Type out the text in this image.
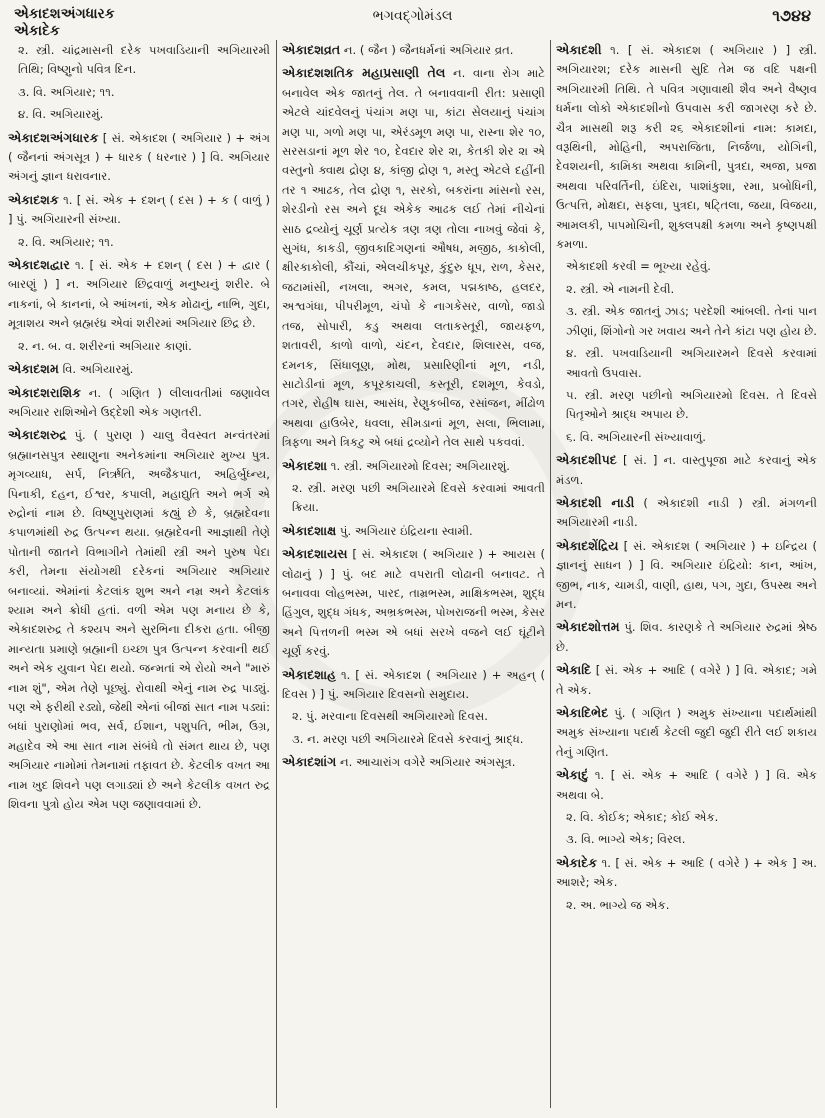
એકાદશઅંગધારક
એકાદેક
ભગવદ્ગોમંડલ	૧૭૪૪
૨. સ્ત્રી. ચાંદ્રમાસની દરેક પખવાડિયાની અગિયારમી તિથિ; વિષ્ણુનો પવિત્ર દિન.
૩. વિ. અગિયાર; ૧૧.
૪. વિ. અગિયારમું.
એકાદશઅંગધારક [ સં. એકાદશ ( અગિયાર ) + અંગ ( જૈનનાં અંગસૂત્ર ) + ધારક ( ધરનાર ) ] વિ. અગિયાર અંગનું જ્ઞાન ધરાવનાર.
એકાદશક ૧. [ સં. એક + દશન્ ( દસ ) + ક ( વાળું ) ] પું. અગિયારની સંખ્યા.
૨. વિ. અગિયાર; ૧૧.
એકાદશદ્વાર ૧. [ સં. એક + દશન્ ( દસ ) + દ્વાર ( બારણું ) ] ન. અગિયાર છિદ્રવાળું મનુષ્યનું શરીર. બે નાકનાં, બે કાનનાં, બે આંખનાં, એક મોઢાનું, નાભિ, ગુદા, મૂત્રાશય અને બ્રહ્મરંધ્ર એવાં શરીરમાં અગિયાર છિદ્ર છે.
૨. ન. બ. વ. શરીરનાં અગિયાર કાણાં.
એકાદશમ વિ. અગિયારમું.
એકાદશરાશિક ન. ( ગણિત ) લીલાવતીમાં જણાવેલ અગિયાર રાશિઓને ઉદ્દેશી એક ગણતરી.
એકાદશરુદ્ર પું. ( પુરાણ ) ચાલુ વૈવસ્વત મન્વંતરમાં બ્રહ્માનસપુત્ર સ્થાણુના અનેકમાંના અગિયાર મુખ્ય પુત્ર. મૃગવ્યાધ, સર્પ, નિર્ઋતિ, અજૈકપાત, અહિર્બુધ્ન્ય, પિનાકી, દહન, ઈશ્વર, કપાલી, મહાદ્યુતિ અને ભર્ગ એ રુદ્રોનાં નામ છે. વિષ્ણુપુરાણમાં કહ્યું છે કે, બ્રહ્મદેવના કપાળમાંથી રુદ્ર ઉત્પન્ન થયા. બ્રહ્મદેવની આજ્ઞાથી તેણે પોતાની જાતને વિભાગીને તેમાંથી સ્ત્રી અને પુરુષ પેદા કરી, તેમના સંયોગથી દરેકનાં અગિયાર અગિયાર બનાવ્યાં. એમાંનાં કેટલાંક શુભ અને નમ્ર અને કેટલાંક શ્યામ અને ક્રોધી હતાં. વળી એમ પણ મનાય છે કે, એકાદશરુદ્ર તે કશ્યપ અને સુરભિના દીકરા હતા. બીજી માન્યતા પ્રમાણે બ્રહ્માની ઇચ્છા પુત્ર ઉત્પન્ન કરવાની થઈ અને એક યુવાન પેદા થયો. જન્મતાં એ રોયો અને "મારું નામ શું", એમ તેણે પૂછ્યું. રોવાથી એનું નામ રુદ્ર પાડ્યું. પણ એ ફરીથી રડ્યો, જેથી એનાં બીજાં સાત નામ પડ્યાં: બધાં પુરાણોમાં ભવ, સર્વ, ઈશાન, પશુપતિ, ભીમ, ઉગ્ર, મહાદેવ એ આ સાત નામ સંબંધે તો સંમત થાય છે, પણ અગિયાર નામોમાં તેમનામાં તફાવત છે. કેટલીક વખત આ નામ ખુદ શિવને પણ લગાડ્યાં છે અને કેટલીક વખત રુદ્ર શિવના પુત્રો હોય એમ પણ જણાવવામાં છે.
એકાદશવ્રત ન. ( જૈન ) જૈનધર્મનાં અગિયાર વ્રત.
એકાદશશતિક મહાપ્રસાણી તેલ ન. વાના રોગ માટે બનાવેલ એક જાતનું તેલ. તે બનાવવાની રીત: પ્રસાણી એટલે ચાંદવેલનું પંચાંગ મણ ૫ા, કાંટા સેલયાનું પંચાંગ મણ ૫ા, ગળો મણ ૫ા, એરંડમૂળ મણ ૫ા, રાસ્ના શેર ૧૦, સરસડાનાં મૂળ શેર ૧૦, દેવદાર શેર ૨ા, કેતકી શેર ૨ા એ વસ્તુનો ક્વાથ દ્રોણ ૪, કાંજી દ્રોણ ૧, મસ્તુ એટલે દહીંની તર ૧ આઢક, તેલ દ્રોણ ૧, સરકો, બકરાંના માંસનો રસ, શેરડીનો રસ અને દૂધ એકેક આઢક લઈ તેમાં નીચેનાં સાઠ દ્રવ્યોનું ચૂર્ણ પ્રત્યેક ત્રણ ત્રણ તોલા નાખવું જેવાં કે, સુગંધ, કાકડી, જીવકાદિગણનાં ઔષધ, મજીઠ, કાકોલી, ક્ષીરકાકોલી, કૌંચાં, એલચીકપૂર, કુંદુરુ ધૂપ, રાળ, કેસર, જટામાંસી, નખલા, અગર, કમલ, પદ્મકાષ્ઠ, હલદર, અશ્વગંધા, પીપરીમૂળ, ચંપો કે નાગકેસર, વાળો, જાડો તજ, સોપારી, કડુ અથવા લતાકસ્તૂરી, જાયફળ, શતાવરી, કાળો વાળો, ચંદન, દેવદાર, શિલારસ, વજ, દમનક, સિંધાલૂણ, મોથ, પ્રસારિણીનાં મૂળ, નડી, સાટોડીનાં મૂળ, કપૂરકાચલી, કસ્તૂરી, દશમૂળ, કેવડો, તગર, રોહીષ ઘાસ, આસંધ, રેણુકબીજ, રસાંજન, મીંઢોળ અથવા હાઉબેર, ધવલા, સીમડાનાં મૂળ, સલા, ભિલામા, ત્રિફળા અને ત્રિકટુ એ બધાં દ્રવ્યોને તેલ સાથે પકવવાં.
એકાદશા ૧. સ્ત્રી. અગિયારમો દિવસ; અગિયારશું.
૨. સ્ત્રી. મરણ પછી અગિયારમે દિવસે કરવામાં આવતી ક્રિયા.
એકાદશાક્ષ પું. અગિયાર ઇંદ્રિયના સ્વામી.
એકાદશાયસ [ સં. એકાદશ ( અગિયાર ) + આયસ ( લોઢાનું ) ] પું. બદ માટે વપરાતી લોઢાની બનાવટ. તે બનાવવા લોહભસ્મ, પારદ, તામ્રભસ્મ, માક્ષિકભસ્મ, શુદ્ધ હિંગુલ, શુદ્ધ ગંધક, અભ્રકભસ્મ, પોખરાજની ભસ્મ, કેસર અને પિત્તળની ભસ્મ એ બધાં સરખે વજને લઈ ઘૂંટીને ચૂર્ણ કરવું.
એકાદશાહ ૧. [ સં. એકાદશ ( અગિયાર ) + અહન્ ( દિવસ ) ] પું. અગિયાર દિવસનો સમુદાય.
૨. પું. મરવાના દિવસથી અગિયારમો દિવસ.
૩. ન. મરણ પછી અગિયારમે દિવસે કરવાનું શ્રાદ્ધ.
એકાદશાંગ ન. આચારાંગ વગેરે અગિયાર અંગસૂત્ર.
એકાદશી ૧. [ સં. એકાદશ ( અગિયાર ) ] સ્ત્રી. અગિયારશ; દરેક માસની સુદિ તેમ જ વદિ પક્ષની અગિયારમી તિથિ. તે પવિત્ર ગણાવાથી શૈવ અને વૈષ્ણવ ધર્મના લોકો એકાદશીનો ઉપવાસ કરી જાગરણ કરે છે. ચૈત્ર માસથી શરૂ કરી ૨૬ એકાદશીનાં નામ: કામદા, વરૂથિની, મોહિની, અપરાજિતા, નિર્જળા, યોગિની, દેવશયની, કામિકા અથવા કામિની, પુત્રદા, અજા, પ્રજા અથવા પરિવર્તિની, ઇંદિરા, પાશાંકુશા, રમા, પ્રબોધિની, ઉત્પત્તિ, મોક્ષદા, સફલા, પુત્રદા, ષટ્તિલા, જયા, વિજયા, આમલકી, પાપમોચિની, શુક્લપક્ષી કમળા અને કૃષ્ણપક્ષી કમળા.
એકાદશી કરવી = ભૂખ્યા રહેવું.
૨. સ્ત્રી. એ નામની દેવી.
૩. સ્ત્રી. એક જાતનું ઝાડ; પરદેશી આંબલી. તેનાં પાન ઝીણાં, શિંગોનો ગર ખવાય અને તેને કાંટા પણ હોય છે.
૪. સ્ત્રી. પખવાડિયાની અગિયારમને દિવસે કરવામાં આવતો ઉપવાસ.
૫. સ્ત્રી. મરણ પછીનો અગિયારમો દિવસ. તે દિવસે પિતૃઓને શ્રાદ્ધ અપાય છે.
૬. વિ. અગિયારની સંખ્યાવાળું.
એકાદશીપદ [ સં. ] ન. વાસ્તુપૂજા માટે કરવાનું એક મંડળ.
એકાદશી નાડી ( એકાદશી નાડી ) સ્ત્રી. મંગળની અગિયારમી નાડી.
એકાદશેંદ્રિય [ સં. એકાદશ ( અગિયાર ) + ઇન્દ્રિય ( જ્ઞાનનું સાધન ) ] વિ. અગિયાર ઇંદ્રિયો: કાન, આંખ, જીભ, નાક, ચામડી, વાણી, હાથ, પગ, ગુદા, ઉપસ્થ અને મન.
એકાદશોત્તમ પું. શિવ. કારણકે તે અગિયાર રુદ્રમાં શ્રેષ્ઠ છે.
એકાદિ [ સં. એક + આદિ ( વગેરે ) ] વિ. એકાદ; ગમે તે એક.
એકાદિભેદ પું. ( ગણિત ) અમુક સંખ્યાના પદાર્થમાંથી અમુક સંખ્યાના પદાર્થ કેટલી જુદી જુદી રીતે લઈ શકાય તેનું ગણિત.
એકાદું ૧. [ સં. એક + આદિ ( વગેરે ) ] વિ. એક અથવા બે.
૨. વિ. કોઈક; એકાદ; કોઈ એક.
૩. વિ. ભાગ્યે એક; વિરલ.
એકાદેક ૧. [ સં. એક + આદિ ( વગેરે ) + એક ] અ. આશરે; એક.
૨. અ. ભાગ્યે જ એક.
